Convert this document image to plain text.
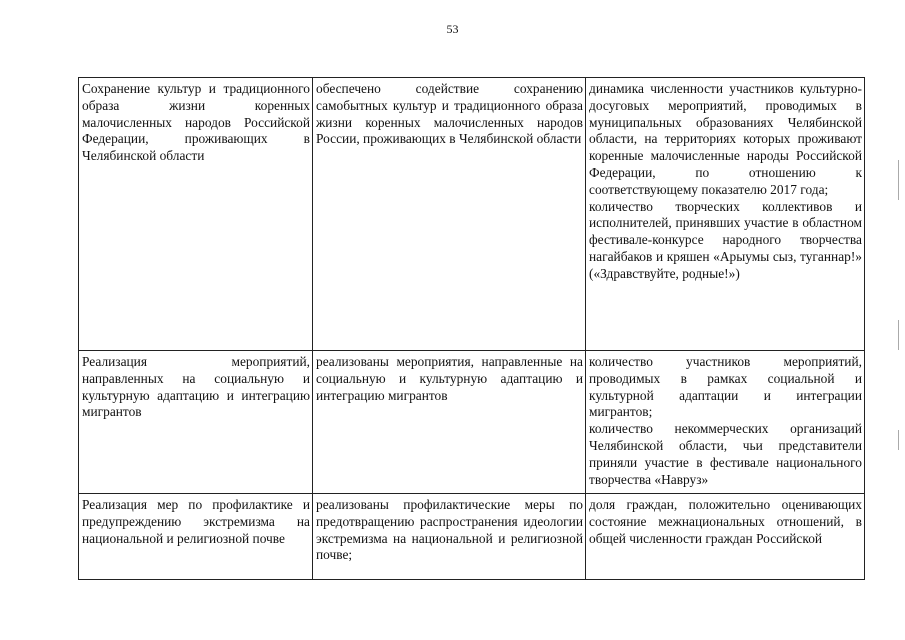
53
Сохранение культур и традиционного образа жизни коренных малочисленных народов Российской Федерации, проживающих в Челябинской области	обеспечено содействие сохранению самобытных культур и традиционного образа жизни коренных малочисленных народов России, проживающих в Челябинской области	динамика численности участников культурно-досуговых мероприятий, проводимых в муниципальных образованиях Челябинской области, на территориях которых проживают коренные малочисленные народы Российской Федерации, по отношению к соответствующему показателю 2017 года;
количество творческих коллективов и исполнителей, принявших участие в областном фестивале-конкурсе народного творчества нагайбаков и кряшен «Арыумы сыз, туганнар!» («Здравствуйте, родные!»)

Реализация мероприятий, направленных на социальную и культурную адаптацию и интеграцию мигрантов	реализованы мероприятия, направленные на социальную и культурную адаптацию и интеграцию мигрантов	количество участников мероприятий, проводимых в рамках социальной и культурной адаптации и интеграции мигрантов;
количество некоммерческих организаций Челябинской области, чьи представители приняли участие в фестивале национального творчества «Навруз»

Реализация мер по профилактике и предупреждению экстремизма на национальной и религиозной почве	реализованы профилактические меры по предотвращению распространения идеологии экстремизма на национальной и религиозной почве;	доля граждан, положительно оценивающих состояние межнациональных отношений, в общей численности граждан Российской
